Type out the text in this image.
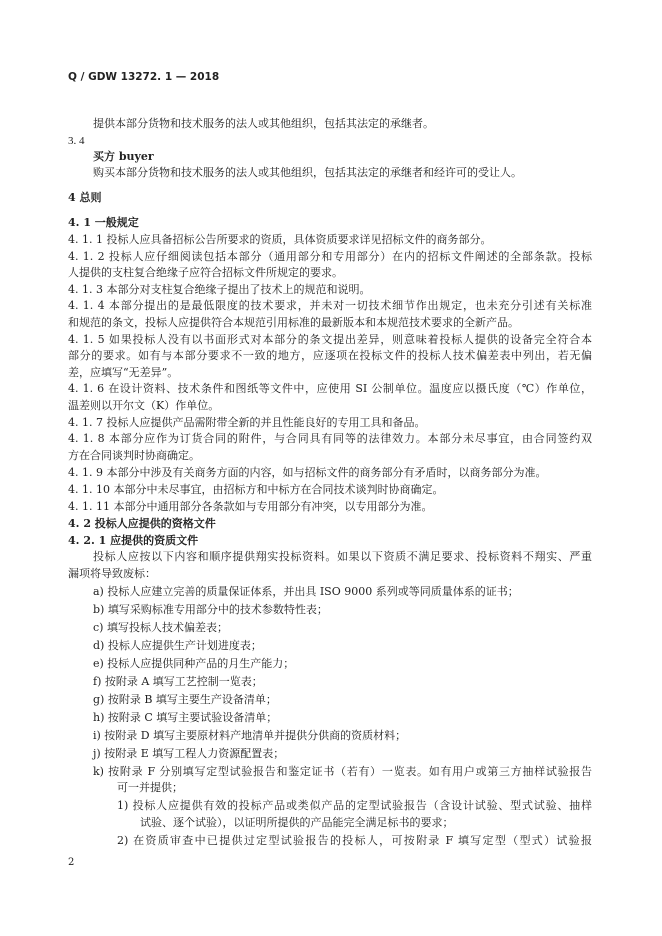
Q / GDW 13272. 1 — 2018
提供本部分货物和技术服务的法人或其他组织，包括其法定的承继者。
3. 4
买方 buyer
购买本部分货物和技术服务的法人或其他组织，包括其法定的承继者和经许可的受让人。
4 总则
4. 1 一般规定
4. 1. 1 投标人应具备招标公告所要求的资质，具体资质要求详见招标文件的商务部分。
4. 1. 2 投标人应仔细阅读包括本部分（通用部分和专用部分）在内的招标文件阐述的全部条款。投标
人提供的支柱复合绝缘子应符合招标文件所规定的要求。
4. 1. 3 本部分对支柱复合绝缘子提出了技术上的规范和说明。
4. 1. 4 本部分提出的是最低限度的技术要求，并未对一切技术细节作出规定，也未充分引述有关标准
和规范的条文，投标人应提供符合本规范引用标准的最新版本和本规范技术要求的全新产品。
4. 1. 5 如果投标人没有以书面形式对本部分的条文提出差异，则意味着投标人提供的设备完全符合本
部分的要求。如有与本部分要求不一致的地方，应逐项在投标文件的投标人技术偏差表中列出，若无偏
差，应填写“无差异”。
4. 1. 6 在设计资料、技术条件和图纸等文件中，应使用 SI 公制单位。温度应以摄氏度（℃）作单位，
温差则以开尔文（K）作单位。
4. 1. 7 投标人应提供产品需附带全新的并且性能良好的专用工具和备品。
4. 1. 8 本部分应作为订货合同的附件，与合同具有同等的法律效力。本部分未尽事宜，由合同签约双
方在合同谈判时协商确定。
4. 1. 9 本部分中涉及有关商务方面的内容，如与招标文件的商务部分有矛盾时，以商务部分为准。
4. 1. 10 本部分中未尽事宜，由招标方和中标方在合同技术谈判时协商确定。
4. 1. 11 本部分中通用部分各条款如与专用部分有冲突，以专用部分为准。
4. 2 投标人应提供的资格文件
4. 2. 1 应提供的资质文件
投标人应按以下内容和顺序提供翔实投标资料。如果以下资质不满足要求、投标资料不翔实、严重
漏项将导致废标：
a) 投标人应建立完善的质量保证体系，并出具 ISO 9000 系列或等同质量体系的证书；
b) 填写采购标准专用部分中的技术参数特性表；
c) 填写投标人技术偏差表；
d) 投标人应提供生产计划进度表；
e) 投标人应提供同种产品的月生产能力；
f) 按附录 A 填写工艺控制一览表；
g) 按附录 B 填写主要生产设备清单；
h) 按附录 C 填写主要试验设备清单；
i) 按附录 D 填写主要原材料产地清单并提供分供商的资质材料；
j) 按附录 E 填写工程人力资源配置表；
k) 按附录 F 分别填写定型试验报告和鉴定证书（若有）一览表。如有用户或第三方抽样试验报告
可一并提供；
1) 投标人应提供有效的投标产品或类似产品的定型试验报告（含设计试验、型式试验、抽样
试验、逐个试验），以证明所提供的产品能完全满足标书的要求；
2) 在资质审查中已提供过定型试验报告的投标人，可按附录 F 填写定型（型式）试验报
2
